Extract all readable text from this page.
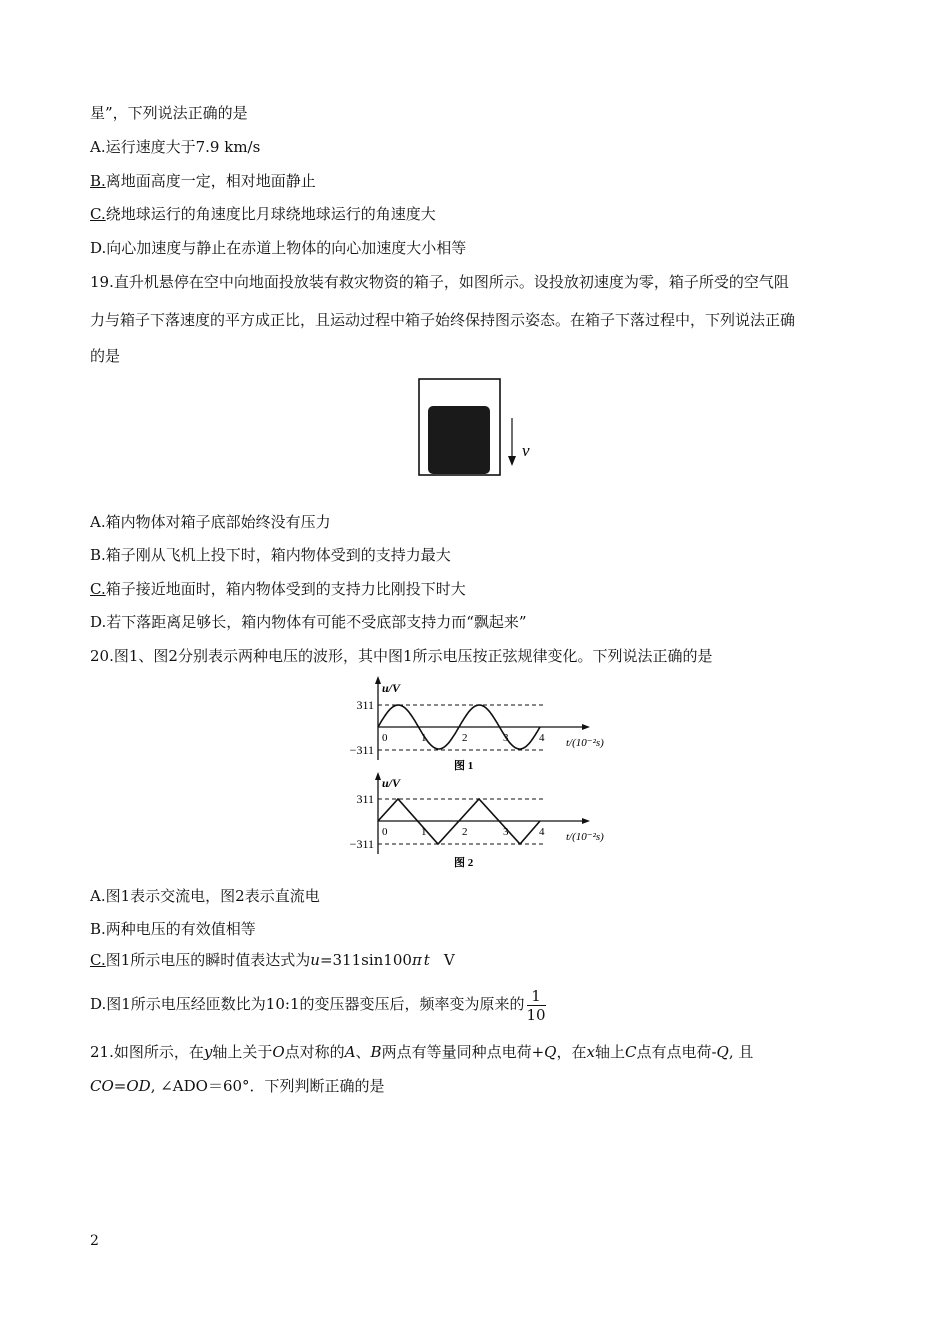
星”，下列说法正确的是
A.运行速度大于7.9 km/s
B.离地面高度一定，相对地面静止
C.绕地球运行的角速度比月球绕地球运行的角速度大
D.向心加速度与静止在赤道上物体的向心加速度大小相等
19.直升机悬停在空中向地面投放装有救灾物资的箱子，如图所示。设投放初速度为零，箱子所受的空气阻
力与箱子下落速度的平方成正比，且运动过程中箱子始终保持图示姿态。在箱子下落过程中，下列说法正确
的是
v
A.箱内物体对箱子底部始终没有压力
B.箱子刚从飞机上投下时，箱内物体受到的支持力最大
C.箱子接近地面时，箱内物体受到的支持力比刚投下时大
D.若下落距离足够长，箱内物体有可能不受底部支持力而“飘起来”
20.图1、图2分别表示两种电压的波形，其中图1所示电压按正弦规律变化。下列说法正确的是
u/V
311
−311
0	1	2	3	4 t/(10⁻²s)
图 1
u/V
311
−311
0	1	2	3	4 t/(10⁻²s)
图 2
A.图1表示交流电，图2表示直流电
B.两种电压的有效值相等
C.图1所示电压的瞬时值表达式为u=311sin100π t V
D.图1所示电压经匝数比为10:1的变压器变压后，频率变为原来的 $\frac{1}{10}$
21.如图所示，在y轴上关于O点对称的A、B两点有等量同种点电荷+Q，在x轴上C点有点电荷-Q, 且
CO=OD, ∠ADO＝60°．下列判断正确的是
2
